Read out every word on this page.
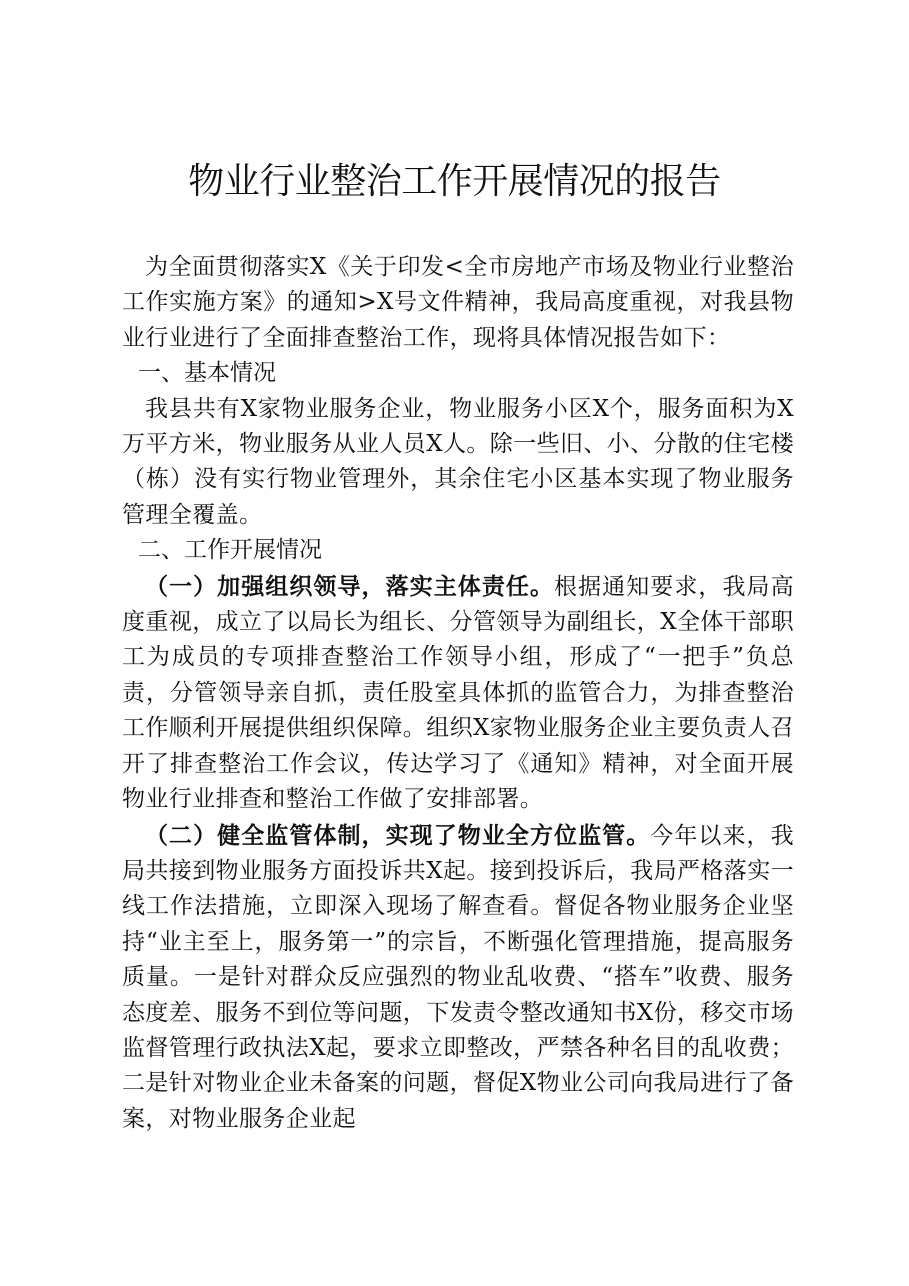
物业行业整治工作开展情况的报告

为全面贯彻落实X《关于印发<全市房地产市场及物业行业整治工作实施方案》的通知>X号文件精神，我局高度重视，对我县物业行业进行了全面排查整治工作，现将具体情况报告如下：

一、基本情况

我县共有X家物业服务企业，物业服务小区X个，服务面积为X万平方米，物业服务从业人员X人。除一些旧、小、分散的住宅楼（栋）没有实行物业管理外，其余住宅小区基本实现了物业服务管理全覆盖。

二、工作开展情况

（一）加强组织领导，落实主体责任。根据通知要求，我局高度重视，成立了以局长为组长、分管领导为副组长，X全体干部职工为成员的专项排查整治工作领导小组，形成了“一把手”负总责，分管领导亲自抓，责任股室具体抓的监管合力，为排查整治工作顺利开展提供组织保障。组织X家物业服务企业主要负责人召开了排查整治工作会议，传达学习了《通知》精神，对全面开展物业行业排查和整治工作做了安排部署。

（二）健全监管体制，实现了物业全方位监管。今年以来，我局共接到物业服务方面投诉共X起。接到投诉后，我局严格落实一线工作法措施，立即深入现场了解查看。督促各物业服务企业坚持“业主至上，服务第一”的宗旨，不断强化管理措施，提高服务质量。一是针对群众反应强烈的物业乱收费、“搭车”收费、服务态度差、服务不到位等问题，下发责令整改通知书X份，移交市场监督管理行政执法X起，要求立即整改，严禁各种名目的乱收费；二是针对物业企业未备案的问题，督促X物业公司向我局进行了备案，对物业服务企业起
